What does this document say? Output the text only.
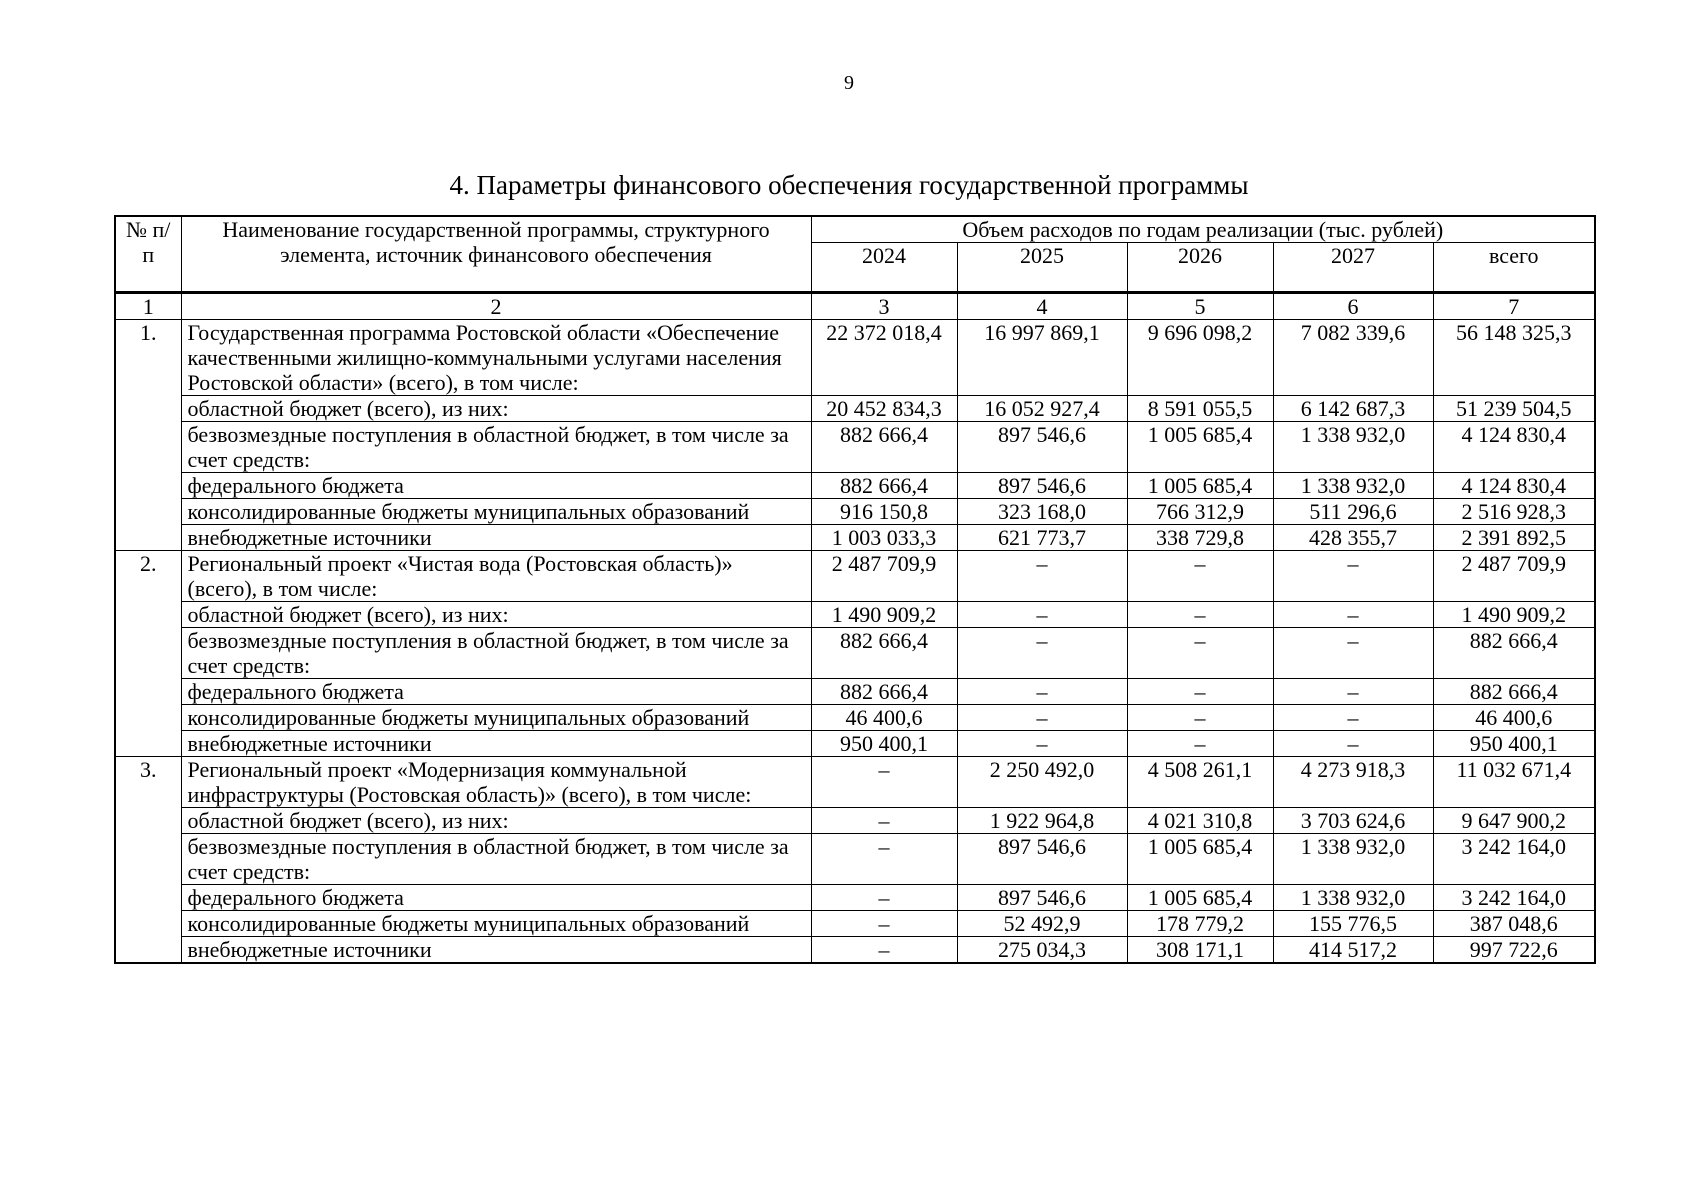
9
4. Параметры финансового обеспечения государственной программы
№ п/п	Наименование государственной программы, структурного элемента, источник финансового обеспечения	Объем расходов по годам реализации (тыс. рублей)				
		2024	2025	2026	2027	всего
1	2	3	4	5	6	7
1.	Государственная программа Ростовской области «Обеспечение качественными жилищно-коммунальными услугами населения Ростовской области» (всего), в том числе:	22 372 018,4	16 997 869,1	9 696 098,2	7 082 339,6	56 148 325,3
	областной бюджет (всего), из них:	20 452 834,3	16 052 927,4	8 591 055,5	6 142 687,3	51 239 504,5
	безвозмездные поступления в областной бюджет, в том числе за счет средств:	882 666,4	897 546,6	1 005 685,4	1 338 932,0	4 124 830,4
	федерального бюджета	882 666,4	897 546,6	1 005 685,4	1 338 932,0	4 124 830,4
	консолидированные бюджеты муниципальных образований	916 150,8	323 168,0	766 312,9	511 296,6	2 516 928,3
	внебюджетные источники	1 003 033,3	621 773,7	338 729,8	428 355,7	2 391 892,5
2.	Региональный проект «Чистая вода (Ростовская область)» (всего), в том числе:	2 487 709,9	–	–	–	2 487 709,9
	областной бюджет (всего), из них:	1 490 909,2	–	–	–	1 490 909,2
	безвозмездные поступления в областной бюджет, в том числе за счет средств:	882 666,4	–	–	–	882 666,4
	федерального бюджета	882 666,4	–	–	–	882 666,4
	консолидированные бюджеты муниципальных образований	46 400,6	–	–	–	46 400,6
	внебюджетные источники	950 400,1	–	–	–	950 400,1
3.	Региональный проект «Модернизация коммунальной инфраструктуры (Ростовская область)» (всего), в том числе:	–	2 250 492,0	4 508 261,1	4 273 918,3	11 032 671,4
	областной бюджет (всего), из них:	–	1 922 964,8	4 021 310,8	3 703 624,6	9 647 900,2
	безвозмездные поступления в областной бюджет, в том числе за счет средств:	–	897 546,6	1 005 685,4	1 338 932,0	3 242 164,0
	федерального бюджета	–	897 546,6	1 005 685,4	1 338 932,0	3 242 164,0
	консолидированные бюджеты муниципальных образований	–	52 492,9	178 779,2	155 776,5	387 048,6
	внебюджетные источники	–	275 034,3	308 171,1	414 517,2	997 722,6
